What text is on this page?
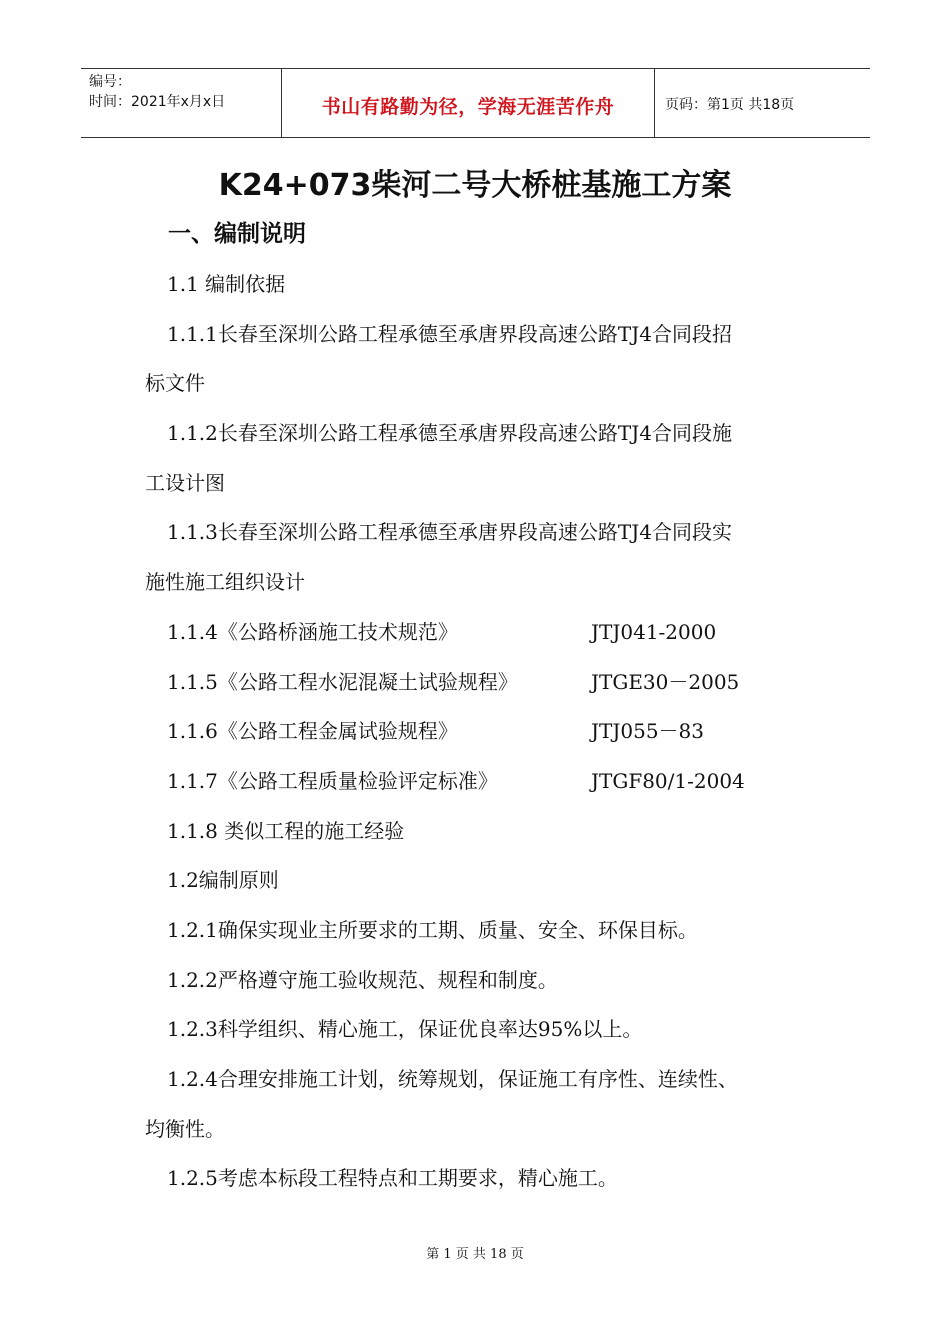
编号：
时间：2021年x月x日	书山有路勤为径，学海无涯苦作舟	页码：第1页 共18页
K24+073柴河二号大桥桩基施工方案
一、编制说明
1.1 编制依据
1.1.1长春至深圳公路工程承德至承唐界段高速公路TJ4合同段招
标文件
1.1.2长春至深圳公路工程承德至承唐界段高速公路TJ4合同段施
工设计图
1.1.3长春至深圳公路工程承德至承唐界段高速公路TJ4合同段实
施性施工组织设计
1.1.4《公路桥涵施工技术规范》	JTJ041-2000
1.1.5《公路工程水泥混凝土试验规程》	JTGE30－2005
1.1.6《公路工程金属试验规程》	JTJ055－83
1.1.7《公路工程质量检验评定标准》	JTGF80/1-2004
1.1.8 类似工程的施工经验
1.2编制原则
1.2.1确保实现业主所要求的工期、质量、安全、环保目标。
1.2.2严格遵守施工验收规范、规程和制度。
1.2.3科学组织、精心施工，保证优良率达95%以上。
1.2.4合理安排施工计划，统筹规划，保证施工有序性、连续性、
均衡性。
1.2.5考虑本标段工程特点和工期要求，精心施工。
第 1 页 共 18 页
